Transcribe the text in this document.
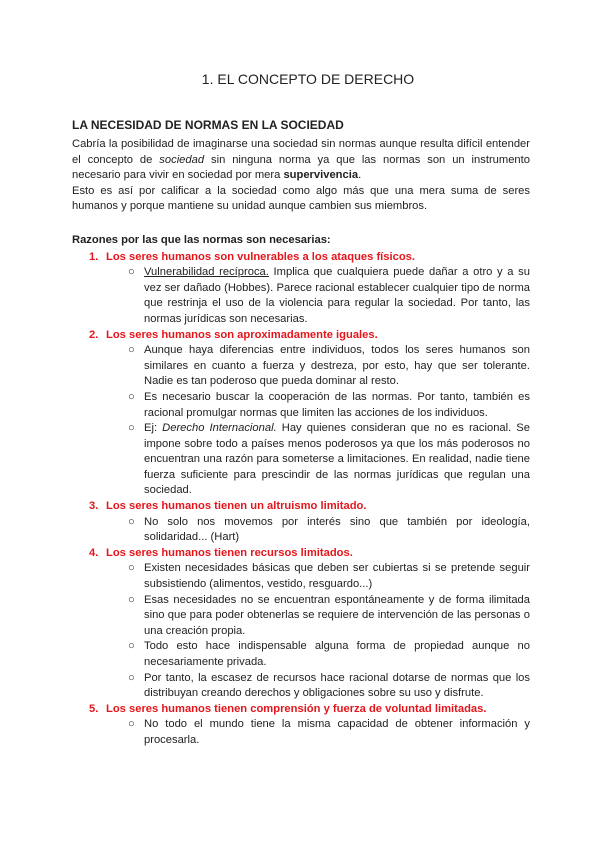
1. EL CONCEPTO DE DERECHO
LA NECESIDAD DE NORMAS EN LA SOCIEDAD

Cabría la posibilidad de imaginarse una sociedad sin normas aunque resulta difícil entender el concepto de sociedad sin ninguna norma ya que las normas son un instrumento necesario para vivir en sociedad por mera supervivencia.

Esto es así por calificar a la sociedad como algo más que una mera suma de seres humanos y porque mantiene su unidad aunque cambien sus miembros.

Razones por las que las normas son necesarias:
1. Los seres humanos son vulnerables a los ataques físicos.
○ Vulnerabilidad recíproca. Implica que cualquiera puede dañar a otro y a su vez ser dañado (Hobbes). Parece racional establecer cualquier tipo de norma que restrinja el uso de la violencia para regular la sociedad. Por tanto, las normas jurídicas son necesarias.
2. Los seres humanos son aproximadamente iguales.
○ Aunque haya diferencias entre individuos, todos los seres humanos son similares en cuanto a fuerza y destreza, por esto, hay que ser tolerante. Nadie es tan poderoso que pueda dominar al resto.
○ Es necesario buscar la cooperación de las normas. Por tanto, también es racional promulgar normas que limiten las acciones de los individuos.
○ Ej: Derecho Internacional. Hay quienes consideran que no es racional. Se impone sobre todo a países menos poderosos ya que los más poderosos no encuentran una razón para someterse a limitaciones. En realidad, nadie tiene fuerza suficiente para prescindir de las normas jurídicas que regulan una sociedad.
3. Los seres humanos tienen un altruismo limitado.
○ No solo nos movemos por interés sino que también por ideología, solidaridad... (Hart)
4. Los seres humanos tienen recursos limitados.
○ Existen necesidades básicas que deben ser cubiertas si se pretende seguir subsistiendo (alimentos, vestido, resguardo...)
○ Esas necesidades no se encuentran espontáneamente y de forma ilimitada sino que para poder obtenerlas se requiere de intervención de las personas o una creación propia.
○ Todo esto hace indispensable alguna forma de propiedad aunque no necesariamente privada.
○ Por tanto, la escasez de recursos hace racional dotarse de normas que los distribuyan creando derechos y obligaciones sobre su uso y disfrute.
5. Los seres humanos tienen comprensión y fuerza de voluntad limitadas.
○ No todo el mundo tiene la misma capacidad de obtener información y procesarla.
